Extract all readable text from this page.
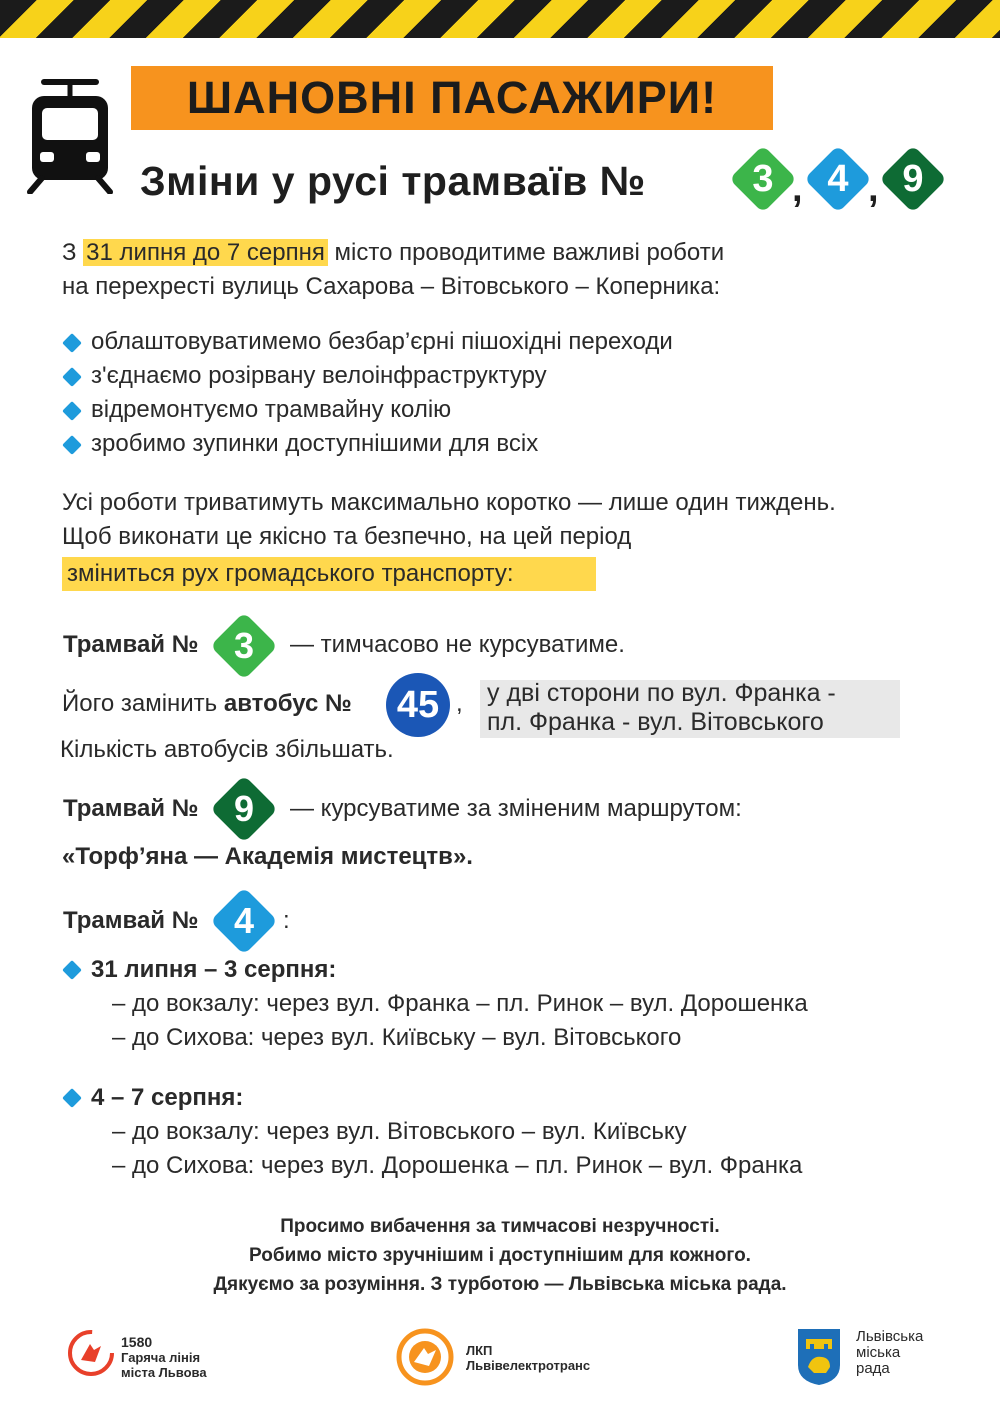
ШАНОВНІ ПАСАЖИРИ!
Зміни у русі трамваїв №	3 , 4 , 9
З 31 липня до 7 серпня місто проводитиме важливі роботи
на перехресті вулиць Сахарова – Вітовського – Коперника:
облаштовуватимемо безбар’єрні пішохідні переходи
з'єднаємо розірвану велоінфраструктуру
відремонтуємо трамвайну колію
зробимо зупинки доступнішими для всіх
Усі роботи триватимуть максимально коротко — лише один тиждень.
Щоб виконати це якісно та безпечно, на цей період
зміниться рух громадського транспорту:
Трамвай № 3 — тимчасово не курсуватиме.
Його замінить автобус № 45 , у дві сторони по вул. Франка -
пл. Франка - вул. Вітовського
Кількість автобусів збільшать.
Трамвай № 9 — курсуватиме за зміненим маршрутом:
«Торф’яна — Академія мистецтв».
Трамвай № 4 :
31 липня – 3 серпня:
– до вокзалу: через вул. Франка – пл. Ринок – вул. Дорошенка
– до Сихова: через вул. Київську – вул. Вітовського
4 – 7 серпня:
– до вокзалу: через вул. Вітовського – вул. Київську
– до Сихова: через вул. Дорошенка – пл. Ринок – вул. Франка
Просимо вибачення за тимчасові незручності.
Робимо місто зручнішим і доступнішим для кожного.
Дякуємо за розуміння. З турботою — Львівська міська рада.
1580
Гаряча лінія
міста Львова
ЛКП
Львівелектротранс
Львівська
міська
рада
